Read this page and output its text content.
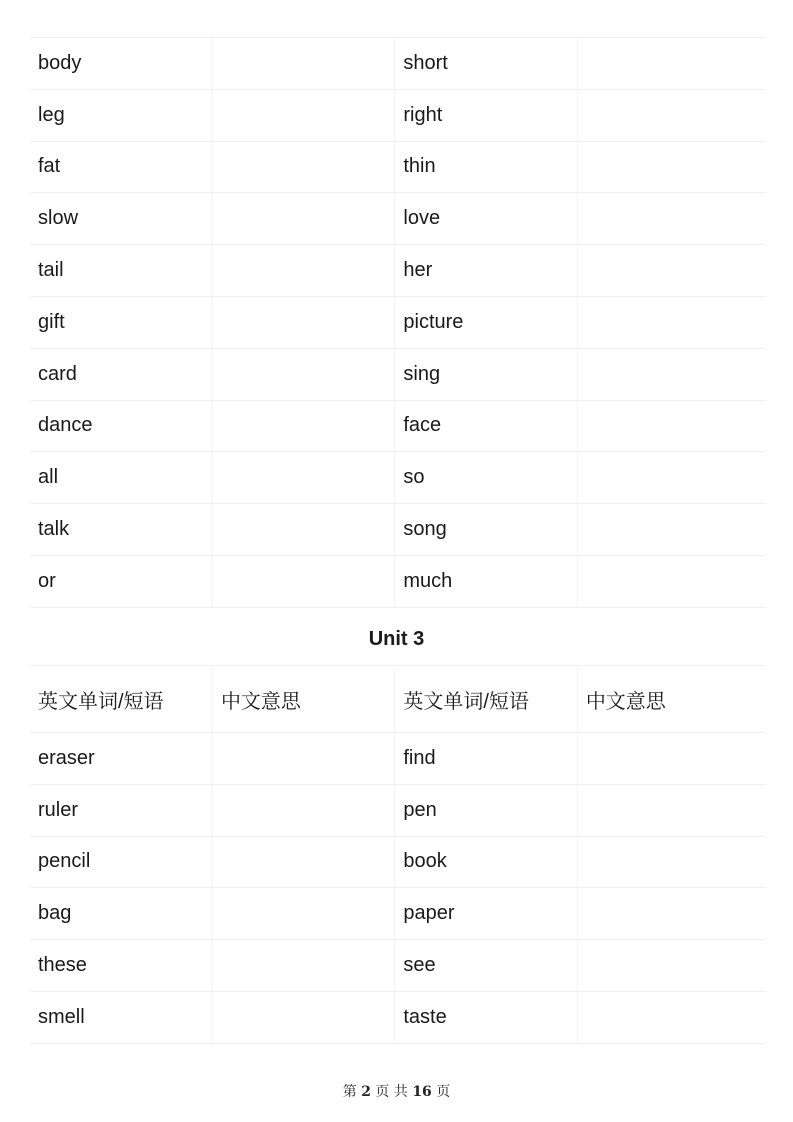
body		short	
leg		right	
fat		thin	
slow		love	
tail		her	
gift		picture	
card		sing	
dance		face	
all		so	
talk		song	
or		much	
Unit 3
英文单词/短语	中文意思	英文单词/短语	中文意思
eraser		find	
ruler		pen	
pencil		book	
bag		paper	
these		see	
smell		taste	
第 2 页 共 16 页
